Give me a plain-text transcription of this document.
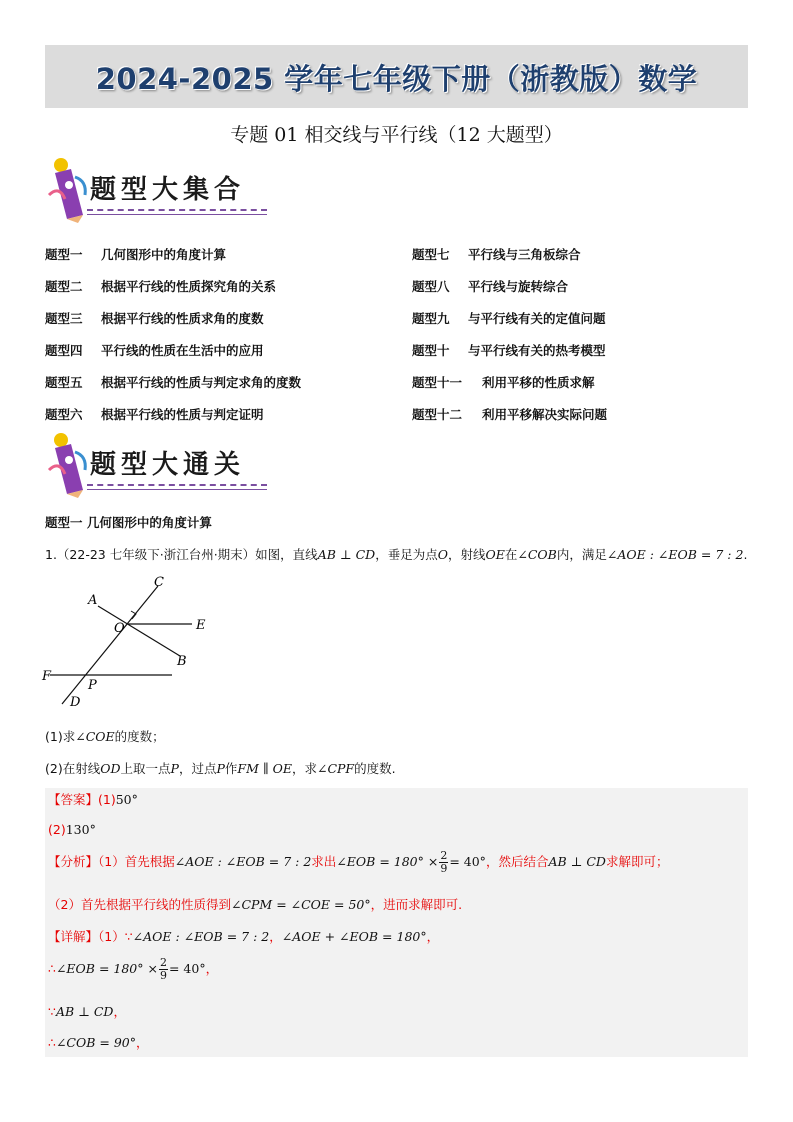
2024-2025 学年七年级下册（浙教版）数学
专题 01 相交线与平行线（12 大题型）
题型大集合
题型一 几何图形中的角度计算
题型二 根据平行线的性质探究角的关系
题型三 根据平行线的性质求角的度数
题型四 平行线的性质在生活中的应用
题型五 根据平行线的性质与判定求角的度数
题型六 根据平行线的性质与判定证明
题型七 平行线与三角板综合
题型八 平行线与旋转综合
题型九 与平行线有关的定值问题
题型十 与平行线有关的热考模型
题型十一 利用平移的性质求解
题型十二 利用平移解决实际问题
题型大通关
题型一 几何图形中的角度计算
1.（22-23 七年级下·浙江台州·期末）如图，直线AB ⊥ CD，垂足为点O，射线OE在∠COB内，满足∠AOE : ∠EOB = 7 : 2.
C
A
O	E
B
F
P
D
(1)求∠COE的度数；
(2)在射线OD上取一点P，过点P作FM ∥ OE，求∠CPF的度数.
【答案】(1)50°
(2)130°
【分析】（1）首先根据∠AOE : ∠EOB = 7 : 2求出∠EOB = $180^\circ \times \frac{2}{9} = 40^\circ$，然后结合AB ⊥ CD求解即可；
（2）首先根据平行线的性质得到∠CPM = ∠COE = 50°，进而求解即可.
【详解】（1）∵∠AOE : ∠EOB = 7 : 2，∠AOE + ∠EOB = 180°，
∴∠EOB = $180^\circ \times \frac{2}{9} = 40^\circ$，
∵AB ⊥ CD，
∴∠COB = 90°，
